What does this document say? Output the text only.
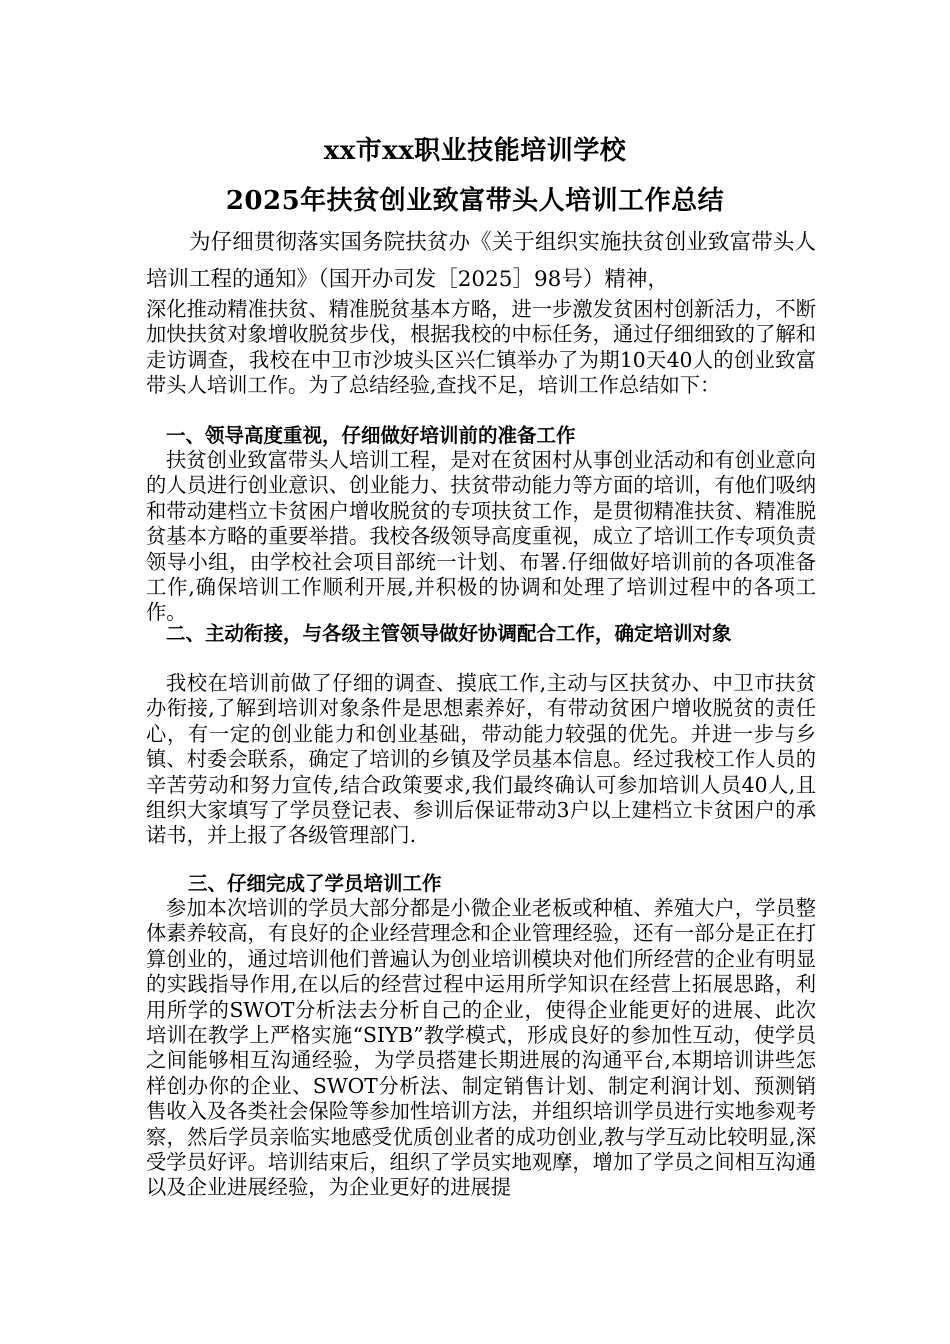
xx市xx职业技能培训学校
2025年扶贫创业致富带头人培训工作总结

为仔细贯彻落实国务院扶贫办《关于组织实施扶贫创业致富带头人培训工程的通知》（国开办司发［2025］98号）精神，

深化推动精准扶贫、精准脱贫基本方略，进一步激发贫困村创新活力，不断加快扶贫对象增收脱贫步伐，根据我校的中标任务，通过仔细细致的了解和走访调查，我校在中卫市沙坡头区兴仁镇举办了为期10天40人的创业致富带头人培训工作。为了总结经验,查找不足，培训工作总结如下：

一、领导高度重视，仔细做好培训前的准备工作

扶贫创业致富带头人培训工程，是对在贫困村从事创业活动和有创业意向的人员进行创业意识、创业能力、扶贫带动能力等方面的培训，有他们吸纳和带动建档立卡贫困户增收脱贫的专项扶贫工作，是贯彻精准扶贫、精准脱贫基本方略的重要举措。我校各级领导高度重视，成立了培训工作专项负责领导小组，由学校社会项目部统一计划、布署.仔细做好培训前的各项准备工作,确保培训工作顺利开展,并积极的协调和处理了培训过程中的各项工作。

二、主动衔接，与各级主管领导做好协调配合工作，确定培训对象

我校在培训前做了仔细的调查、摸底工作,主动与区扶贫办、中卫市扶贫办衔接,了解到培训对象条件是思想素养好，有带动贫困户增收脱贫的责任心，有一定的创业能力和创业基础，带动能力较强的优先。并进一步与乡镇、村委会联系，确定了培训的乡镇及学员基本信息。经过我校工作人员的辛苦劳动和努力宣传,结合政策要求,我们最终确认可参加培训人员40人,且组织大家填写了学员登记表、参训后保证带动3户以上建档立卡贫困户的承诺书，并上报了各级管理部门.

三、仔细完成了学员培训工作

参加本次培训的学员大部分都是小微企业老板或种植、养殖大户，学员整体素养较高，有良好的企业经营理念和企业管理经验，还有一部分是正在打算创业的，通过培训他们普遍认为创业培训模块对他们所经营的企业有明显的实践指导作用,在以后的经营过程中运用所学知识在经营上拓展思路，利用所学的SWOT分析法去分析自己的企业，使得企业能更好的进展、此次培训在教学上严格实施“SIYB”教学模式，形成良好的参加性互动，使学员之间能够相互沟通经验，为学员搭建长期进展的沟通平台,本期培训讲些怎样创办你的企业、SWOT分析法、制定销售计划、制定利润计划、预测销售收入及各类社会保险等参加性培训方法，并组织培训学员进行实地参观考察，然后学员亲临实地感受优质创业者的成功创业,教与学互动比较明显,深受学员好评。培训结束后，组织了学员实地观摩，增加了学员之间相互沟通以及企业进展经验，为企业更好的进展提
